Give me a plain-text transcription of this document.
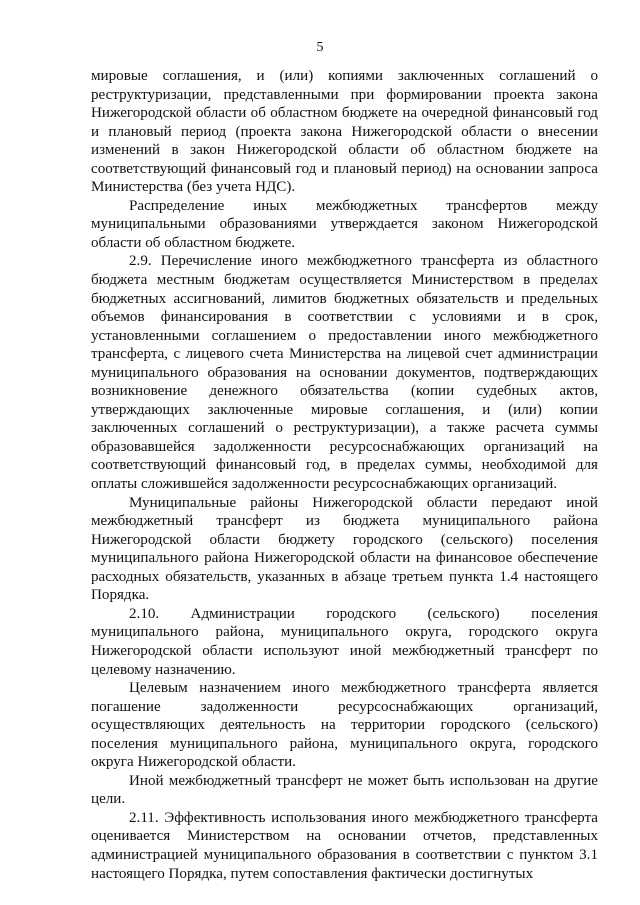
5

мировые соглашения, и (или) копиями заключенных соглашений о реструктуризации, представленными при формировании проекта закона Нижегородской области об областном бюджете на очередной финансовый год и плановый период (проекта закона Нижегородской области о внесении изменений в закон Нижегородской области об областном бюджете на соответствующий финансовый год и плановый период) на основании запроса Министерства (без учета НДС).

Распределение иных межбюджетных трансфертов между муниципальными образованиями утверждается законом Нижегородской области об областном бюджете.

2.9. Перечисление иного межбюджетного трансферта из областного бюджета местным бюджетам осуществляется Министерством в пределах бюджетных ассигнований, лимитов бюджетных обязательств и предельных объемов финансирования в соответствии с условиями и в срок, установленными соглашением о предоставлении иного межбюджетного трансферта, с лицевого счета Министерства на лицевой счет администрации муниципального образования на основании документов, подтверждающих возникновение денежного обязательства (копии судебных актов, утверждающих заключенные мировые соглашения, и (или) копии заключенных соглашений о реструктуризации), а также расчета суммы образовавшейся задолженности ресурсоснабжающих организаций на соответствующий финансовый год, в пределах суммы, необходимой для оплаты сложившейся задолженности ресурсоснабжающих организаций.

Муниципальные районы Нижегородской области передают иной межбюджетный трансферт из бюджета муниципального района Нижегородской области бюджету городского (сельского) поселения муниципального района Нижегородской области на финансовое обеспечение расходных обязательств, указанных в абзаце третьем пункта 1.4 настоящего Порядка.

2.10. Администрации городского (сельского) поселения муниципального района, муниципального округа, городского округа Нижегородской области используют иной межбюджетный трансферт по целевому назначению.

Целевым назначением иного межбюджетного трансферта является погашение задолженности ресурсоснабжающих организаций, осуществляющих деятельность на территории городского (сельского) поселения муниципального района, муниципального округа, городского округа Нижегородской области.

Иной межбюджетный трансферт не может быть использован на другие цели.

2.11. Эффективность использования иного межбюджетного трансферта оценивается Министерством на основании отчетов, представленных администрацией муниципального образования в соответствии с пунктом 3.1 настоящего Порядка, путем сопоставления фактически достигнутых
